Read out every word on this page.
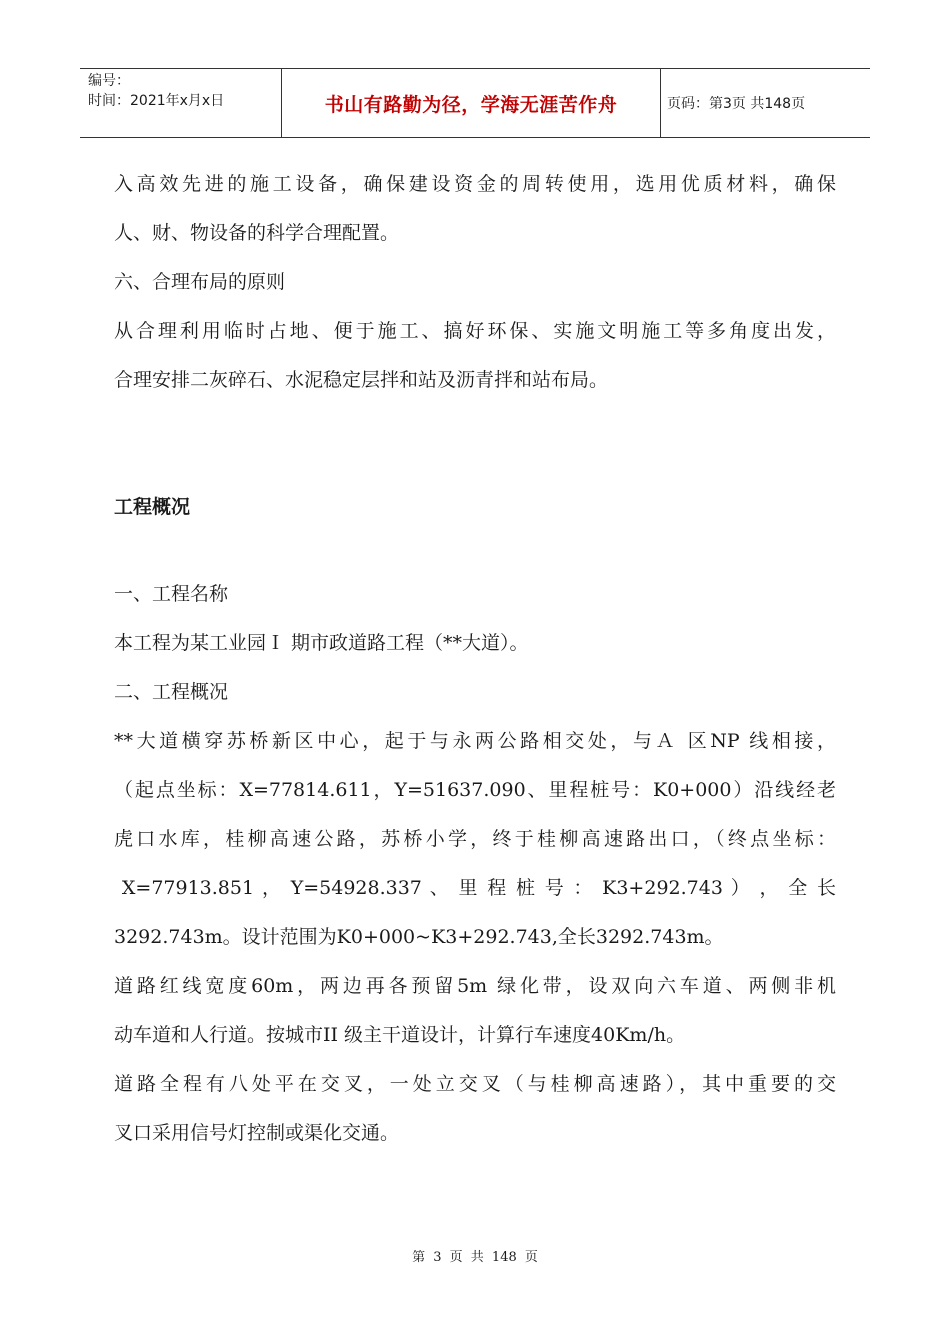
编号：
时间：2021年x月x日	书山有路勤为径，学海无涯苦作舟	页码：第3页 共148页

入高效先进的施工设备，确保建设资金的周转使用，选用优质材料，确保

人、财、物设备的科学合理配置。

六、合理布局的原则

从合理利用临时占地、便于施工、搞好环保、实施文明施工等多角度出发，

合理安排二灰碎石、水泥稳定层拌和站及沥青拌和站布局。

工程概况

一、工程名称

本工程为某工业园Ｉ 期市政道路工程（**大道）。

二、工程概况

**大道横穿苏桥新区中心，起于与永两公路相交处，与Ａ 区NP 线相接，

（起点坐标：X=77814.611，Y=51637.090、里程桩号：K0+000）沿线经老

虎口水库，桂柳高速公路，苏桥小学，终于桂柳高速路出口，（终点坐标：

X=77913.851 ， Y=54928.337 、 里 程 桩 号 ： K3+292.743 ） ， 全 长

3292.743m。设计范围为K0+000~K3+292.743,全长3292.743m。

道路红线宽度60m，两边再各预留5m 绿化带，设双向六车道、两侧非机

动车道和人行道。按城市II 级主干道设计，计算行车速度40Km/h。

道路全程有八处平在交叉，一处立交叉（与桂柳高速路），其中重要的交

叉口采用信号灯控制或渠化交通。

第 3 页 共 148 页
